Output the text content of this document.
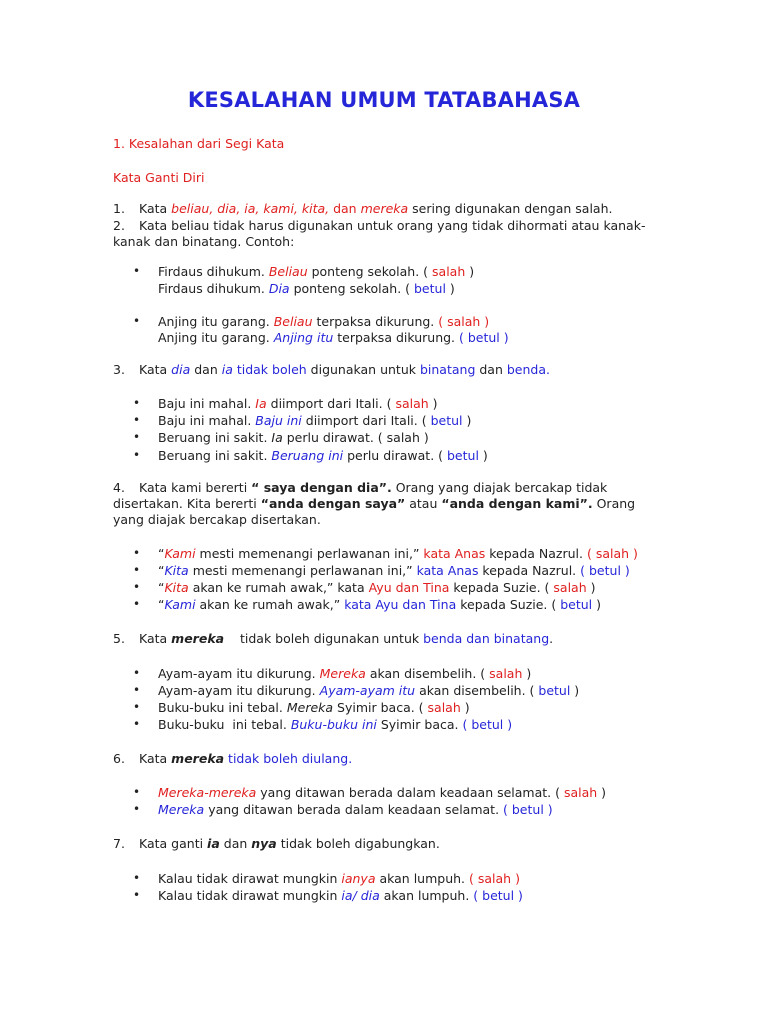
KESALAHAN UMUM TATABAHASA
1. Kesalahan dari Segi Kata
Kata Ganti Diri
1. Kata beliau, dia, ia, kami, kita, dan mereka sering digunakan dengan salah.
2. Kata beliau tidak harus digunakan untuk orang yang tidak dihormati atau kanak-
kanak dan binatang. Contoh:
• Firdaus dihukum. Beliau ponteng sekolah. ( salah )
Firdaus dihukum. Dia ponteng sekolah. ( betul )
• Anjing itu garang. Beliau terpaksa dikurung. ( salah )
Anjing itu garang. Anjing itu terpaksa dikurung. ( betul )
3. Kata dia dan ia tidak boleh digunakan untuk binatang dan benda.
• Baju ini mahal. Ia diimport dari Itali. ( salah )
• Baju ini mahal. Baju ini diimport dari Itali. ( betul )
• Beruang ini sakit. Ia perlu dirawat. ( salah )
• Beruang ini sakit. Beruang ini perlu dirawat. ( betul )
4. Kata kami bererti “ saya dengan dia”. Orang yang diajak bercakap tidak
disertakan. Kita bererti “anda dengan saya” atau “anda dengan kami”. Orang
yang diajak bercakap disertakan.
• “Kami mesti memenangi perlawanan ini,” kata Anas kepada Nazrul. ( salah )
• “Kita mesti memenangi perlawanan ini,” kata Anas kepada Nazrul. ( betul )
• “Kita akan ke rumah awak,” kata Ayu dan Tina kepada Suzie. ( salah )
• “Kami akan ke rumah awak,” kata Ayu dan Tina kepada Suzie. ( betul )
5. Kata mereka    tidak boleh digunakan untuk benda dan binatang.
• Ayam-ayam itu dikurung. Mereka akan disembelih. ( salah )
• Ayam-ayam itu dikurung. Ayam-ayam itu akan disembelih. ( betul )
• Buku-buku ini tebal. Mereka Syimir baca. ( salah )
• Buku-buku  ini tebal. Buku-buku ini Syimir baca. ( betul )
6. Kata mereka tidak boleh diulang.
• Mereka-mereka yang ditawan berada dalam keadaan selamat. ( salah )
• Mereka yang ditawan berada dalam keadaan selamat. ( betul )
7. Kata ganti ia dan nya tidak boleh digabungkan.
• Kalau tidak dirawat mungkin ianya akan lumpuh. ( salah )
• Kalau tidak dirawat mungkin ia/ dia akan lumpuh. ( betul )
